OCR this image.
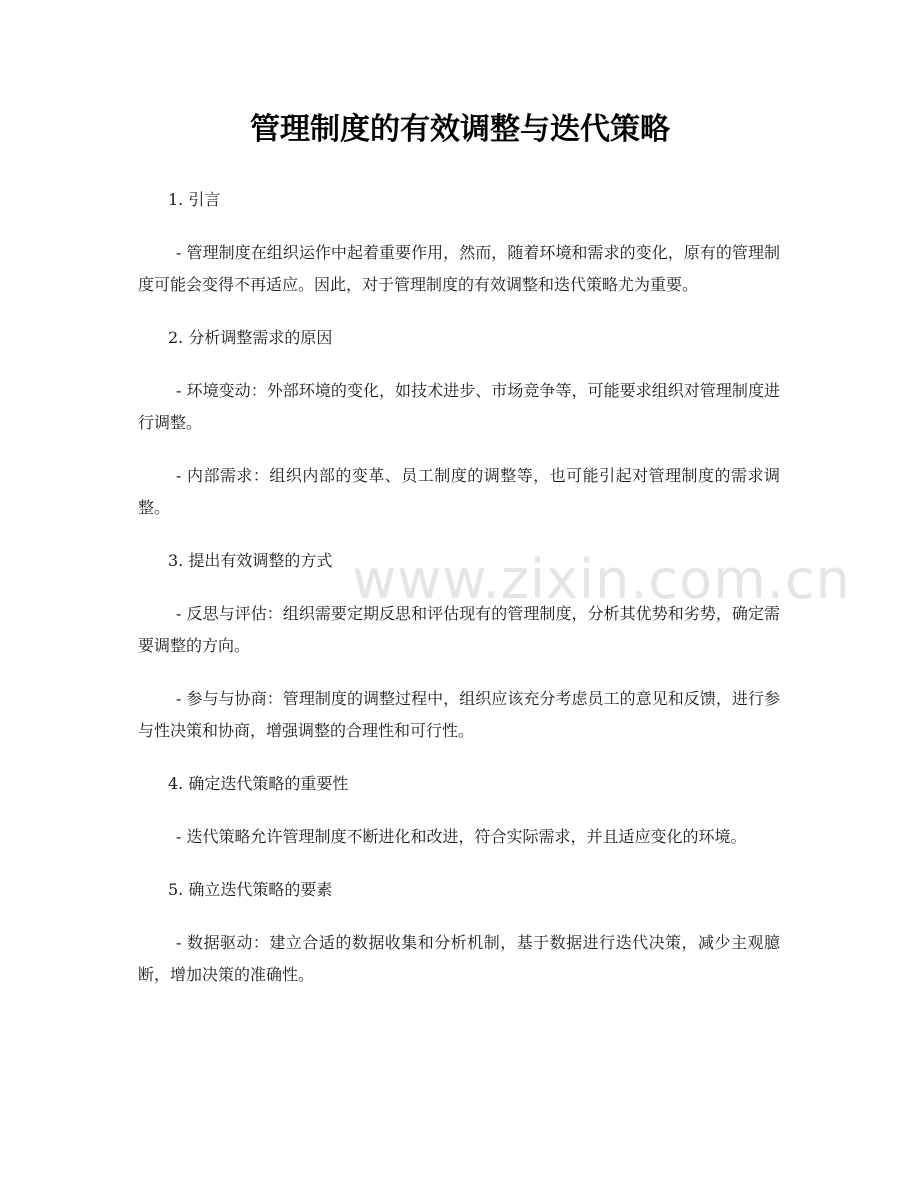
管理制度的有效调整与迭代策略
www.zixin.com.cn

1. 引言

- 管理制度在组织运作中起着重要作用，然而，随着环境和需求的变化，原有的管理制度可能会变得不再适应。因此，对于管理制度的有效调整和迭代策略尤为重要。

2. 分析调整需求的原因

- 环境变动：外部环境的变化，如技术进步、市场竞争等，可能要求组织对管理制度进行调整。

- 内部需求：组织内部的变革、员工制度的调整等，也可能引起对管理制度的需求调整。

3. 提出有效调整的方式

- 反思与评估：组织需要定期反思和评估现有的管理制度，分析其优势和劣势，确定需要调整的方向。

- 参与与协商：管理制度的调整过程中，组织应该充分考虑员工的意见和反馈，进行参与性决策和协商，增强调整的合理性和可行性。

4. 确定迭代策略的重要性

- 迭代策略允许管理制度不断进化和改进，符合实际需求，并且适应变化的环境。

5. 确立迭代策略的要素

- 数据驱动：建立合适的数据收集和分析机制，基于数据进行迭代决策，减少主观臆断，增加决策的准确性。
